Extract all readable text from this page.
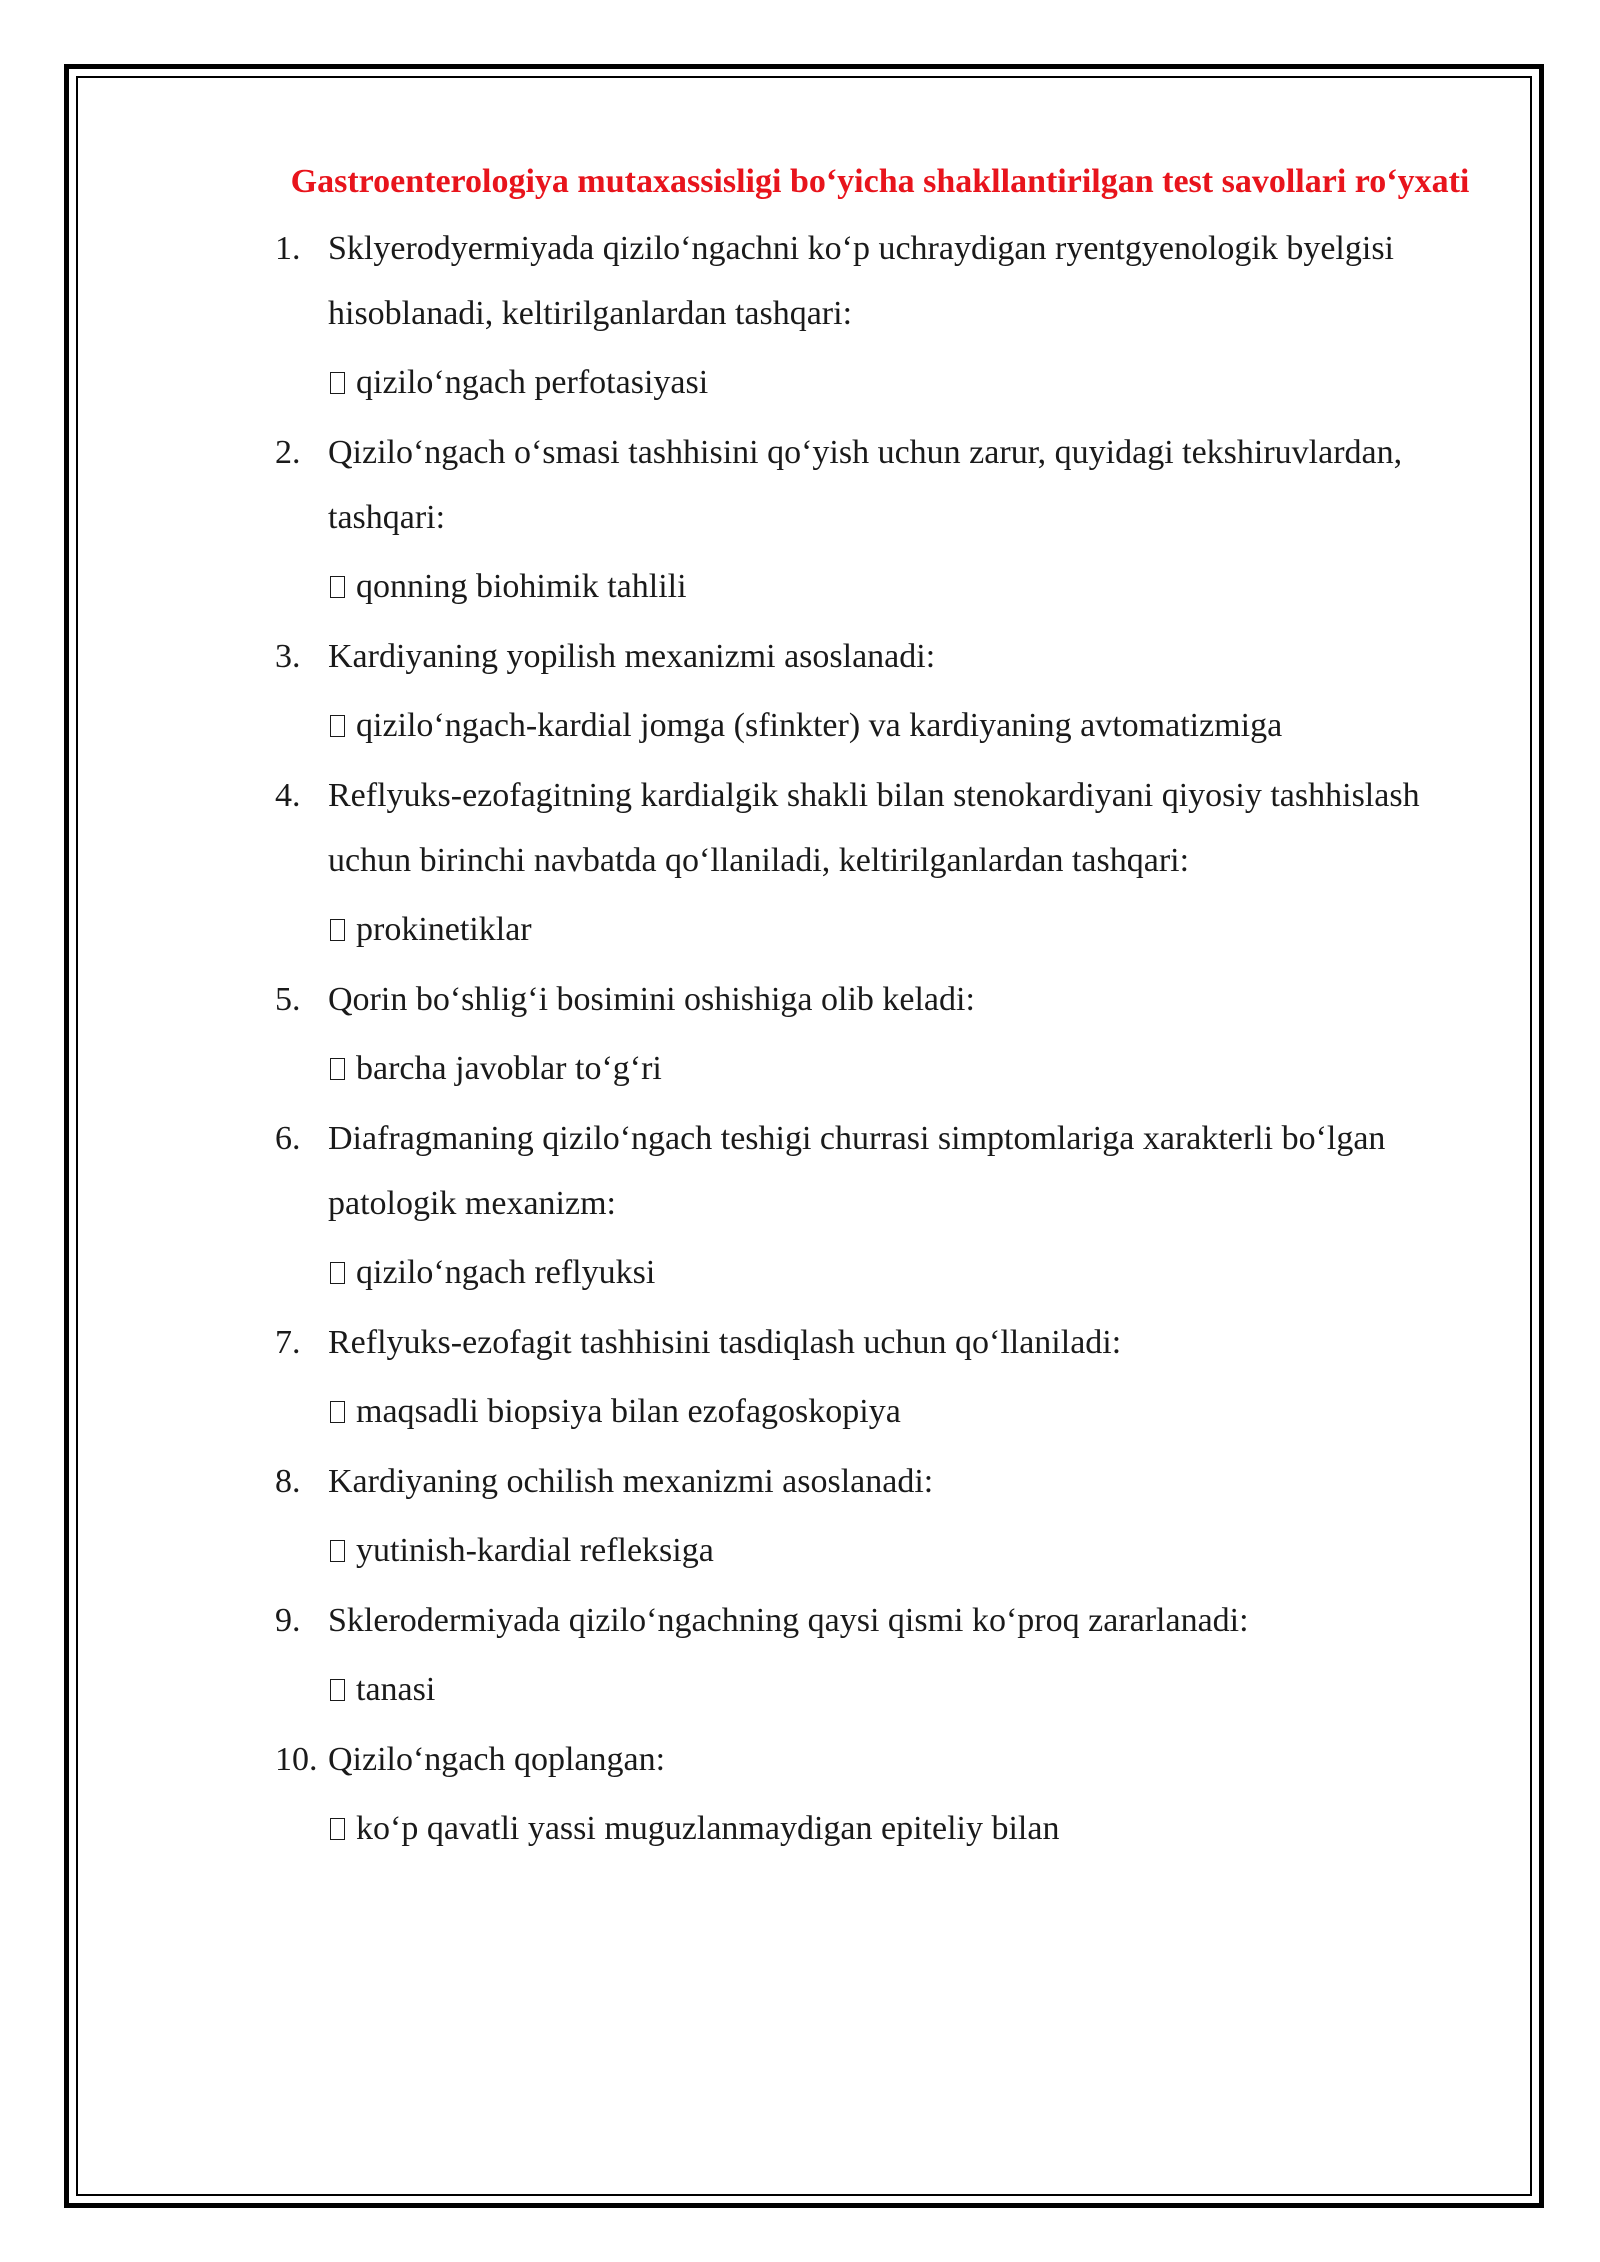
Gastroenterologiya mutaxassisligi bo‘yicha shakllantirilgan test savollari ro‘yxati
1. Sklyerodyermiyada qizilo‘ngachni ko‘p uchraydigan ryentgyenologik byelgisi hisoblanadi, keltirilganlardan tashqari:
qizilo‘ngach perfotasiyasi
2. Qizilo‘ngach o‘smasi tashhisini qo‘yish uchun zarur, quyidagi tekshiruvlardan, tashqari:
qonning biohimik tahlili
3. Kardiyaning yopilish mexanizmi asoslanadi:
qizilo‘ngach-kardial jomga (sfinkter) va kardiyaning avtomatizmiga
4. Reflyuks-ezofagitning kardialgik shakli bilan stenokardiyani qiyosiy tashhislash uchun birinchi navbatda qo‘llaniladi, keltirilganlardan tashqari:
prokinetiklar
5. Qorin bo‘shlig‘i bosimini oshishiga olib keladi:
barcha javoblar to‘g‘ri
6. Diafragmaning qizilo‘ngach teshigi churrasi simptomlariga xarakterli bo‘lgan patologik mexanizm:
qizilo‘ngach reflyuksi
7. Reflyuks-ezofagit tashhisini tasdiqlash uchun qo‘llaniladi:
maqsadli biopsiya bilan ezofagoskopiya
8. Kardiyaning ochilish mexanizmi asoslanadi:
yutinish-kardial refleksiga
9. Sklerodermiyada qizilo‘ngachning qaysi qismi ko‘proq zararlanadi:
tanasi
10. Qizilo‘ngach qoplangan:
ko‘p qavatli yassi muguzlanmaydigan epiteliy bilan
